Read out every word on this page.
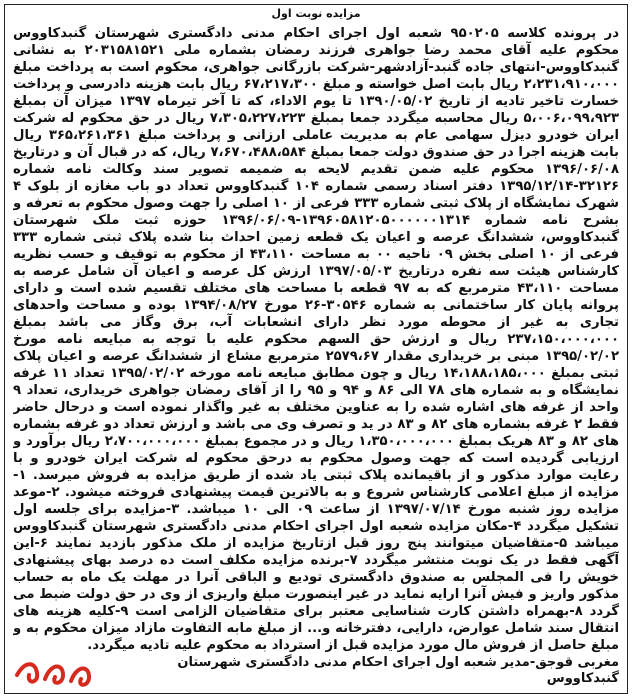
مزایده نوبت اول
در پرونده کلاسه ۹۵۰۲۰۵ شعبه اول اجرای احکام مدنی دادگستری شهرستان گنبدکاووس محکوم علیه آقای محمد رضا جواهری فرزند رمضان بشماره ملی ۲۰۳۱۵۸۱۵۲۱ به نشانی گنبدکاووس-انتهای جاده گنبد-آزادشهر-شرکت بازرگانی جواهری، محکوم است به پرداخت مبلغ ۲،۲۳۱،۹۱۰،۰۰۰ ریال بابت اصل خواسته و مبلغ ۶۷،۲۱۷،۳۰۰ ریال بابت هزینه دادرسی و پرداخت خسارت تاخیر تادیه از تاریخ ۱۳۹۰/۰۵/۰۲ تا یوم الاداء، که تا آخر تیرماه ۱۳۹۷ میزان آن بمبلغ ۵،۰۰۶،۰۹۹،۹۲۳ ریال محاسبه میگردد جمعا بمبلغ ۷،۳۰۵،۲۲۷،۲۲۳ ریال در حق محکوم له شرکت ایران خودرو دیزل سهامی عام به مدیریت عاملی ارزانی و پرداخت مبلغ ۳۶۵،۲۶۱،۳۶۱ ریال بابت هزینه اجرا در حق صندوق دولت جمعا بمبلغ ۷،۶۷۰،۴۸۸،۵۸۴ ریال، که در قبال آن و درتاریخ ۱۳۹۶/۰۶/۰۸ محکوم علیه ضمن تقدیم لایحه به ضمیمه تصویر سند وکالت نامه شماره ۳۲۱۲۶-۱۳۹۵/۱۲/۱۴ دفتر اسناد رسمی شماره ۱۰۴ گنبدکاووس تعداد دو باب مغازه از بلوک ۴ شهرک نمایشگاه از پلاک ثبتی شماره ۳۳۳ فرعی از ۱۰ اصلی را جهت وصول محکوم به تعرفه و بشرح نامه شماره ۱۳۹۶۰۵۸۱۲۰۵۰۰۰۰۰۰۱۳۱۴-۱۳۹۶/۰۶/۰۹ حوزه ثبت ملک شهرستان گنبدکاووس، ششدانگ عرصه و اعیان یک قطعه زمین احداث بنا شده پلاک ثبتی شماره ۳۳۳ فرعی از ۱۰ اصلی بخش ۰۹ ناحیه ۰۰ به مساحت ۴۳،۱۱۰ از محکوم به توقیف و حسب نظریه کارشناس هیئت سه نفره درتاریخ ۱۳۹۷/۰۵/۰۳ ارزش کل عرصه و اعیان آن شامل عرصه به مساحت ۴۳،۱۱۰ مترمربع که به ۹۷ قطعه با مساحت های مختلف تقسیم شده است و دارای پروانه پایان کار ساختمانی به شماره ۳۰۵۴۶-۲۶ مورخ ۱۳۹۴/۰۸/۲۷ بوده و مساحت واحدهای تجاری به غیر از محوطه مورد نظر دارای انشعابات آب، برق وگاز می باشد بمبلغ ۲۳۷،۱۵۰،۰۰۰،۰۰۰ ریال و ارزش حق السهم محکوم علیه با توجه به مبایعه نامه مورخ ۱۳۹۵/۰۲/۰۲ مبنی بر خریداری مقدار ۲۵۷۹،۶۷ مترمربع مشاع از ششدانگ عرصه و اعیان پلاک ثبتی بمبلغ ۱۴،۱۸۸،۱۸۵،۰۰۰ ریال و چون مطابق مبایعه نامه مورخه ۱۳۹۵/۰۲/۰۲ تعداد ۱۱ غرفه نمایشگاه و به شماره های ۷۸ الی ۸۶ و ۹۴ و ۹۵ را از آقای رمضان جواهری خریداری، تعداد ۹ واحد از غرفه های اشاره شده را به عناوین مختلف به غیر واگذار نموده است و درحال حاضر فقط ۲ غرفه بشماره های ۸۲ و ۸۳ در ید و تصرف وی می باشد و ارزش تعداد دو غرفه بشماره های ۸۲ و ۸۳ هریک بمبلغ ۱،۳۵۰،۰۰۰،۰۰۰ ریال و در مجموع بمبلغ ۲،۷۰۰،۰۰۰،۰۰۰ ریال برآورد و ارزیابی گردیده است که جهت وصول محکوم به درحق محکوم له شرکت ایران خودرو و با رعایت موارد مذکور و از باقیمانده پلاک ثبتی یاد شده از طریق مزایده به فروش میرسد. ۱-مزایده از مبلغ اعلامی کارشناس شروع و به بالاترین قیمت پیشنهادی فروخته میشود. ۲-موعد مزایده روز شنبه مورخ ۱۳۹۷/۰۷/۱۴ از ساعت ۰۹ الی ۱۰ میباشد. ۳-مزایده برای جلسه اول تشکیل میگردد ۴-مکان مزایده شعبه اول اجرای احکام مدنی دادگستری شهرستان گنبدکاووس میباشد ۵-متقاضیان میتوانند پنج روز قبل ازتاریخ مزایده از ملک مذکور بازدید نمایند ۶-این آگهی فقط در یک نوبت منتشر میگردد ۷-برنده مزایده مکلف است ده درصد بهای پیشنهادی خویش را فی المجلس به صندوق دادگستری تودیع و الباقی آنرا در مهلت یک ماه به حساب مذکور واریز و فیش آنرا ارایه نماید در غیر اینصورت مبلغ واریزی از وی در حق دولت ضبط می گردد ۸-بهمراه داشتن کارت شناسایی معتبر برای متقاضیان الزامی است ۹-کلیه هزینه های انتقال سند شامل عوارض، دارایی، دفترخانه و... از مبلغ مابه التفاوت مازاد میزان محکوم به و مبلغ حاصل از فروش مال مورد مزایده قبل از استرداد به محکوم علیه تادیه میگردد.
مغربی قوجق-مدیر شعبه اول اجرای احکام مدنی دادگستری شهرستان گنبدکاووس
